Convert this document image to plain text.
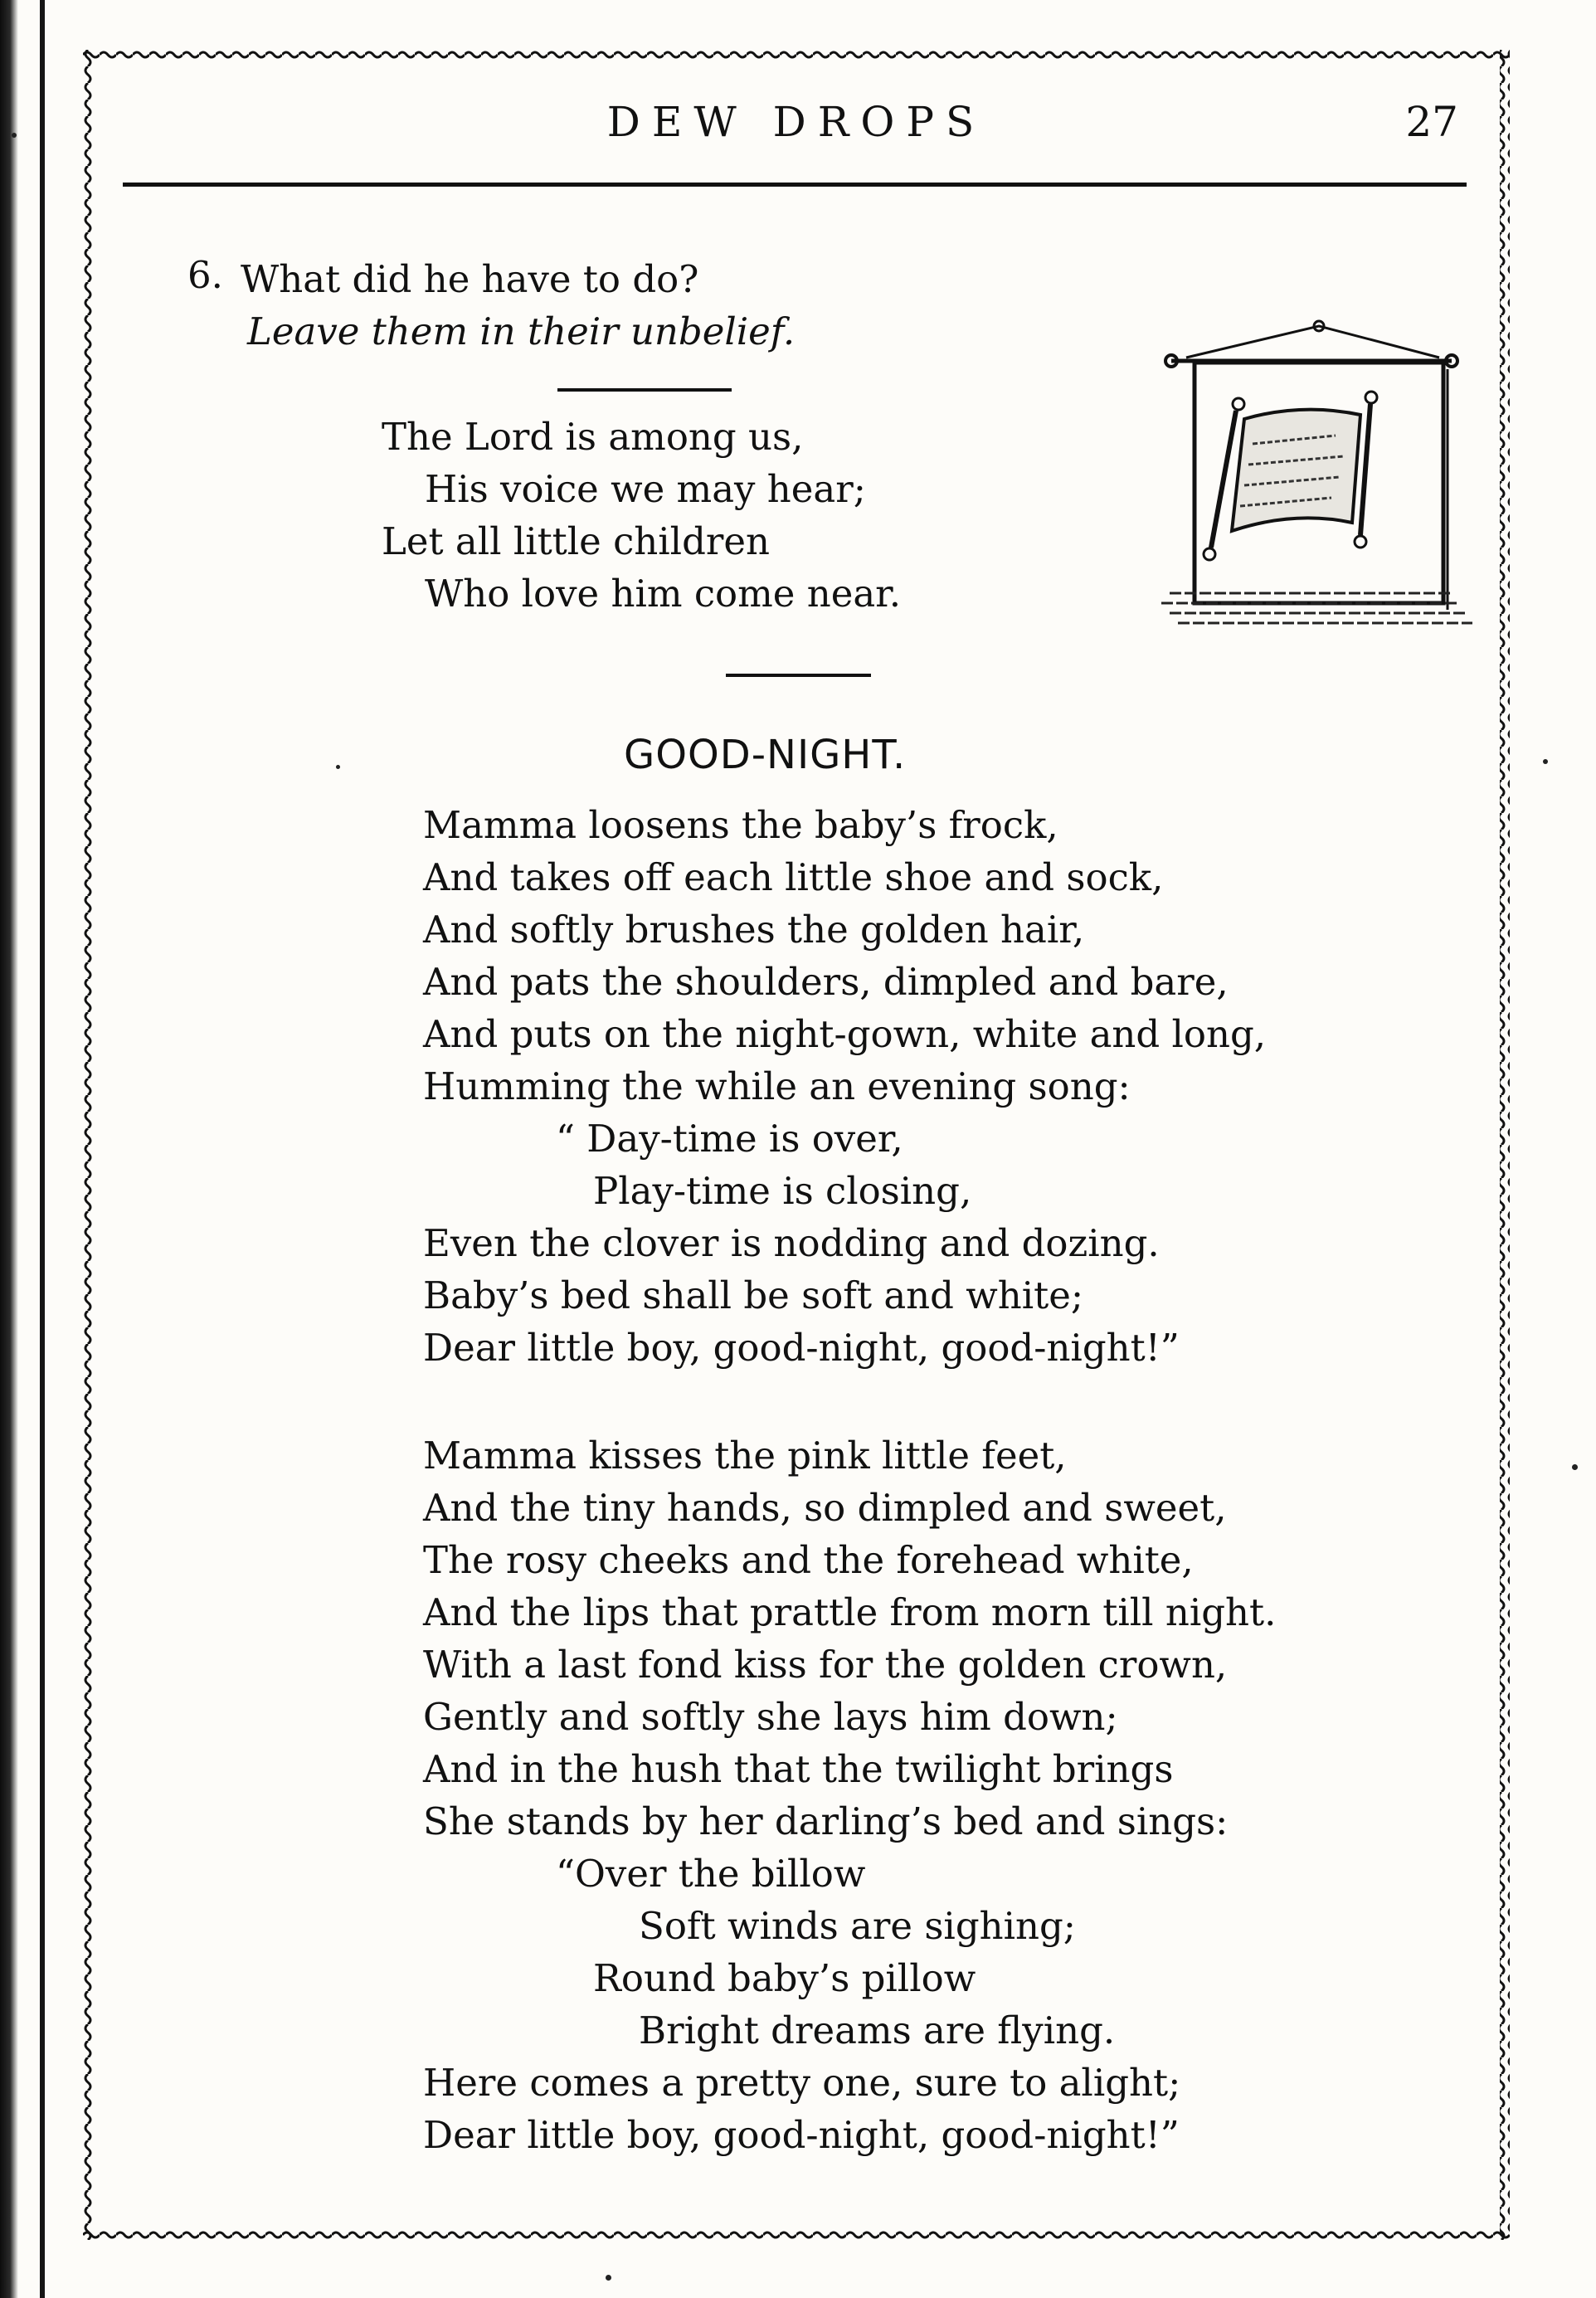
DEW DROPS	27
6. What did he have to do?
Leave them in their unbelief.
The Lord is among us,
His voice we may hear;
Let all little children
Who love him come near.
GOOD-NIGHT.
Mamma loosens the baby’s frock,
And takes off each little shoe and sock,
And softly brushes the golden hair,
And pats the shoulders, dimpled and bare,
And puts on the night-gown, white and long,
Humming the while an evening song:
“ Day-time is over,
Play-time is closing,
Even the clover is nodding and dozing.
Baby’s bed shall be soft and white;
Dear little boy, good-night, good-night!”
Mamma kisses the pink little feet,
And the tiny hands, so dimpled and sweet,
The rosy cheeks and the forehead white,
And the lips that prattle from morn till night.
With a last fond kiss for the golden crown,
Gently and softly she lays him down;
And in the hush that the twilight brings
She stands by her darling’s bed and sings:
“Over the billow
Soft winds are sighing;
Round baby’s pillow
Bright dreams are flying.
Here comes a pretty one, sure to alight;
Dear little boy, good-night, good-night!”
